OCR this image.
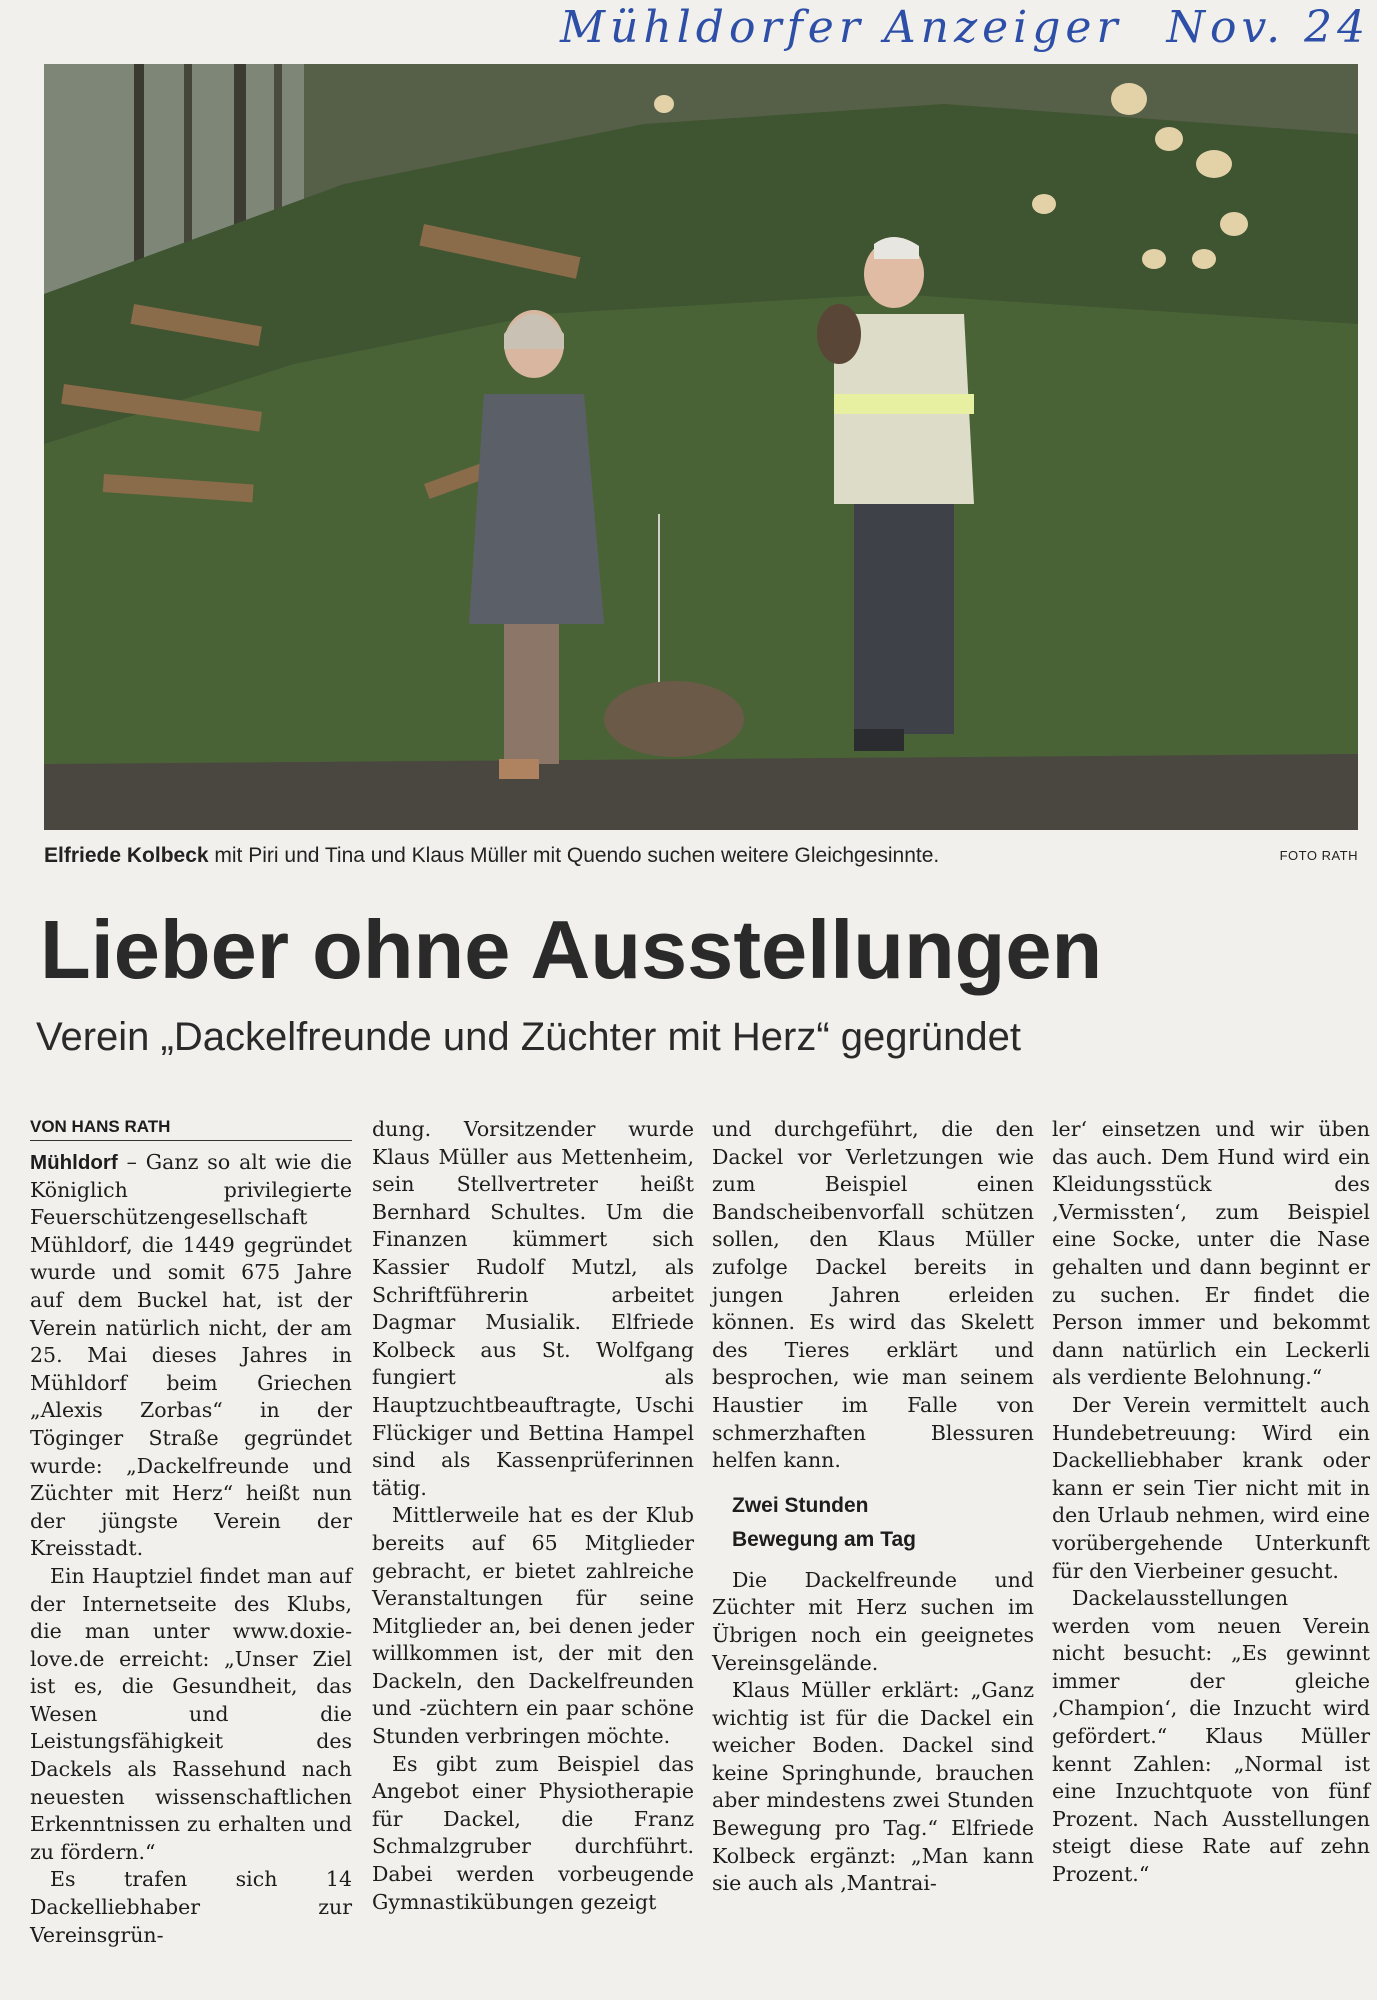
Mühldorfer Anzeiger Nov. 24
Elfriede Kolbeck mit Piri und Tina und Klaus Müller mit Quendo suchen weitere Gleichgesinnte.	FOTO RATH
Lieber ohne Ausstellungen
Verein „Dackelfreunde und Züchter mit Herz“ gegründet
VON HANS RATH

Mühldorf – Ganz so alt wie die Königlich privilegierte Feuerschützengesellschaft Mühldorf, die 1449 gegründet wurde und somit 675 Jahre auf dem Buckel hat, ist der Verein natürlich nicht, der am 25. Mai dieses Jahres in Mühldorf beim Griechen „Alexis Zorbas“ in der Töginger Straße gegründet wurde: „Dackelfreunde und Züchter mit Herz“ heißt nun der jüngste Verein der Kreisstadt.

Ein Hauptziel findet man auf der Internetseite des Klubs, die man unter www.doxie-love.de erreicht: „Unser Ziel ist es, die Gesundheit, das Wesen und die Leistungsfähigkeit des Dackels als Rassehund nach neuesten wissenschaftlichen Erkenntnissen zu erhalten und zu fördern.“

Es trafen sich 14 Dackelliebhaber zur Vereinsgrün-

dung. Vorsitzender wurde Klaus Müller aus Mettenheim, sein Stellvertreter heißt Bernhard Schultes. Um die Finanzen kümmert sich Kassier Rudolf Mutzl, als Schriftführerin arbeitet Dagmar Musialik. Elfriede Kolbeck aus St. Wolfgang fungiert als Hauptzuchtbeauftragte, Uschi Flückiger und Bettina Hampel sind als Kassenprüferinnen tätig.

Mittlerweile hat es der Klub bereits auf 65 Mitglieder gebracht, er bietet zahlreiche Veranstaltungen für seine Mitglieder an, bei denen jeder willkommen ist, der mit den Dackeln, den Dackelfreunden und -züchtern ein paar schöne Stunden verbringen möchte.

Es gibt zum Beispiel das Angebot einer Physiotherapie für Dackel, die Franz Schmalzgruber durchführt. Dabei werden vorbeugende Gymnastikübungen gezeigt

und durchgeführt, die den Dackel vor Verletzungen wie zum Beispiel einen Bandscheibenvorfall schützen sollen, den Klaus Müller zufolge Dackel bereits in jungen Jahren erleiden können. Es wird das Skelett des Tieres erklärt und besprochen, wie man seinem Haustier im Falle von schmerzhaften Blessuren helfen kann.

Zwei Stunden
Bewegung am Tag

Die Dackelfreunde und Züchter mit Herz suchen im Übrigen noch ein geeignetes Vereinsgelände.

Klaus Müller erklärt: „Ganz wichtig ist für die Dackel ein weicher Boden. Dackel sind keine Springhunde, brauchen aber mindestens zwei Stunden Bewegung pro Tag.“ Elfriede Kolbeck ergänzt: „Man kann sie auch als ‚Mantrai-

ler‘ einsetzen und wir üben das auch. Dem Hund wird ein Kleidungsstück des ‚Vermissten‘, zum Beispiel eine Socke, unter die Nase gehalten und dann beginnt er zu suchen. Er findet die Person immer und bekommt dann natürlich ein Leckerli als verdiente Belohnung.“

Der Verein vermittelt auch Hundebetreuung: Wird ein Dackelliebhaber krank oder kann er sein Tier nicht mit in den Urlaub nehmen, wird eine vorübergehende Unterkunft für den Vierbeiner gesucht.

Dackelausstellungen werden vom neuen Verein nicht besucht: „Es gewinnt immer der gleiche ‚Champion‘, die Inzucht wird gefördert.“ Klaus Müller kennt Zahlen: „Normal ist eine Inzuchtquote von fünf Prozent. Nach Ausstellungen steigt diese Rate auf zehn Prozent.“
